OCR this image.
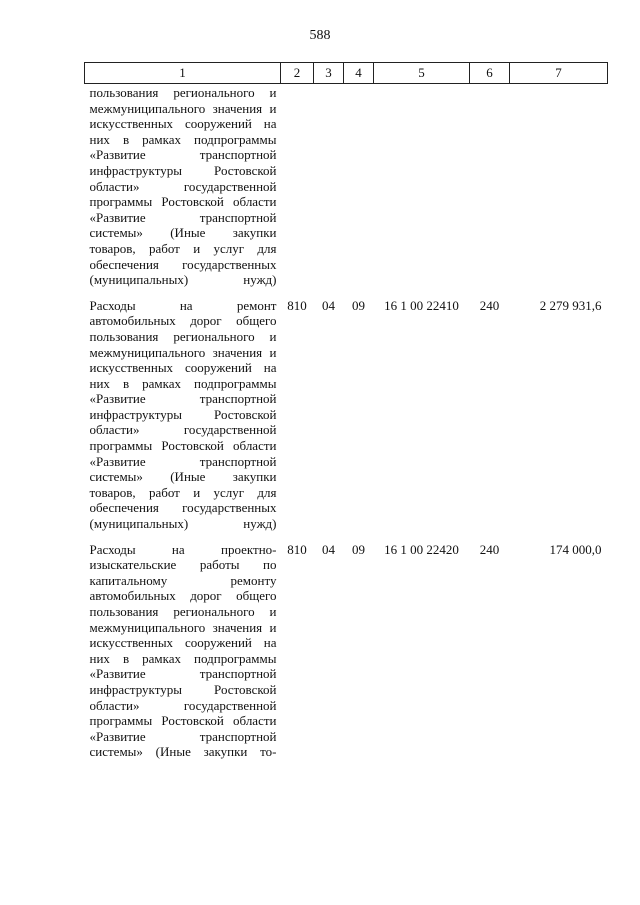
588
1	2	3	4	5	6	7
пользования регионального и межмуниципального значения и искусственных сооружений на них в рамках подпрограммы «Развитие транспортной инфраструктуры Ростовской области» государственной программы Ростовской области «Развитие транспортной системы» (Иные закупки товаров, работ и услуг для обеспечения государственных (муниципальных) нужд)						

Расходы на ремонт автомобильных дорог общего пользования регионального и межмуниципального значения и искусственных сооружений на них в рамках подпрограммы «Развитие транспортной инфраструктуры Ростовской области» государственной программы Ростовской области «Развитие транспортной системы» (Иные закупки товаров, работ и услуг для обеспечения государственных (муниципальных) нужд)	810	04	09	16 1 00 22410	240	2 279 931,6

Расходы на проектно-изыскательские работы по капитальному ремонту автомобильных дорог общего пользования регионального и межмуниципального значения и искусственных сооружений на них в рамках подпрограммы «Развитие транспортной инфраструктуры Ростовской области» государственной программы Ростовской области «Развитие транспортной системы» (Иные закупки то-	810	04	09	16 1 00 22420	240	174 000,0
